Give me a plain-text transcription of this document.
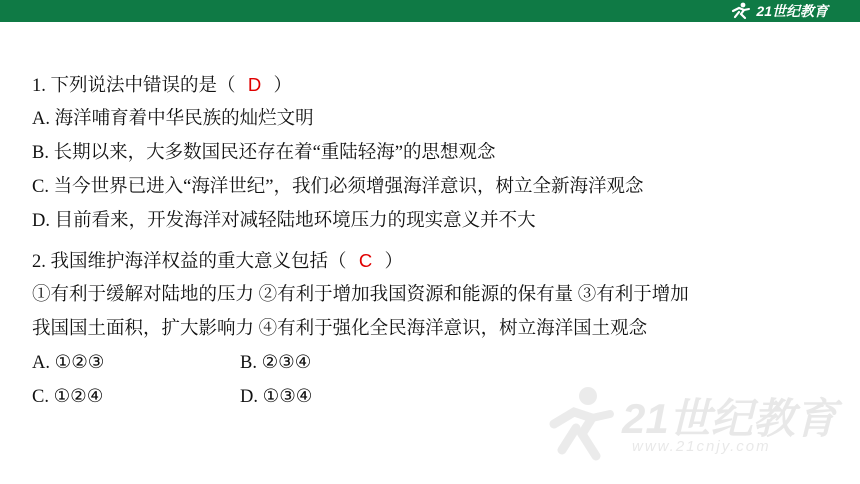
21世纪教育
21世纪教育
www.21cnjy.com
1. 下列说法中错误的是（ D ）
A. 海洋哺育着中华民族的灿烂文明
B. 长期以来，大多数国民还存在着“重陆轻海”的思想观念
C. 当今世界已进入“海洋世纪”，我们必须增强海洋意识，树立全新海洋观念
D. 目前看来，开发海洋对减轻陆地环境压力的现实意义并不大
2. 我国维护海洋权益的重大意义包括（ C ）
①有利于缓解对陆地的压力 ②有利于增加我国资源和能源的保有量 ③有利于增加
我国国土面积，扩大影响力 ④有利于强化全民海洋意识，树立海洋国土观念
A. ①②③	B. ②③④
C. ①②④	D. ①③④
